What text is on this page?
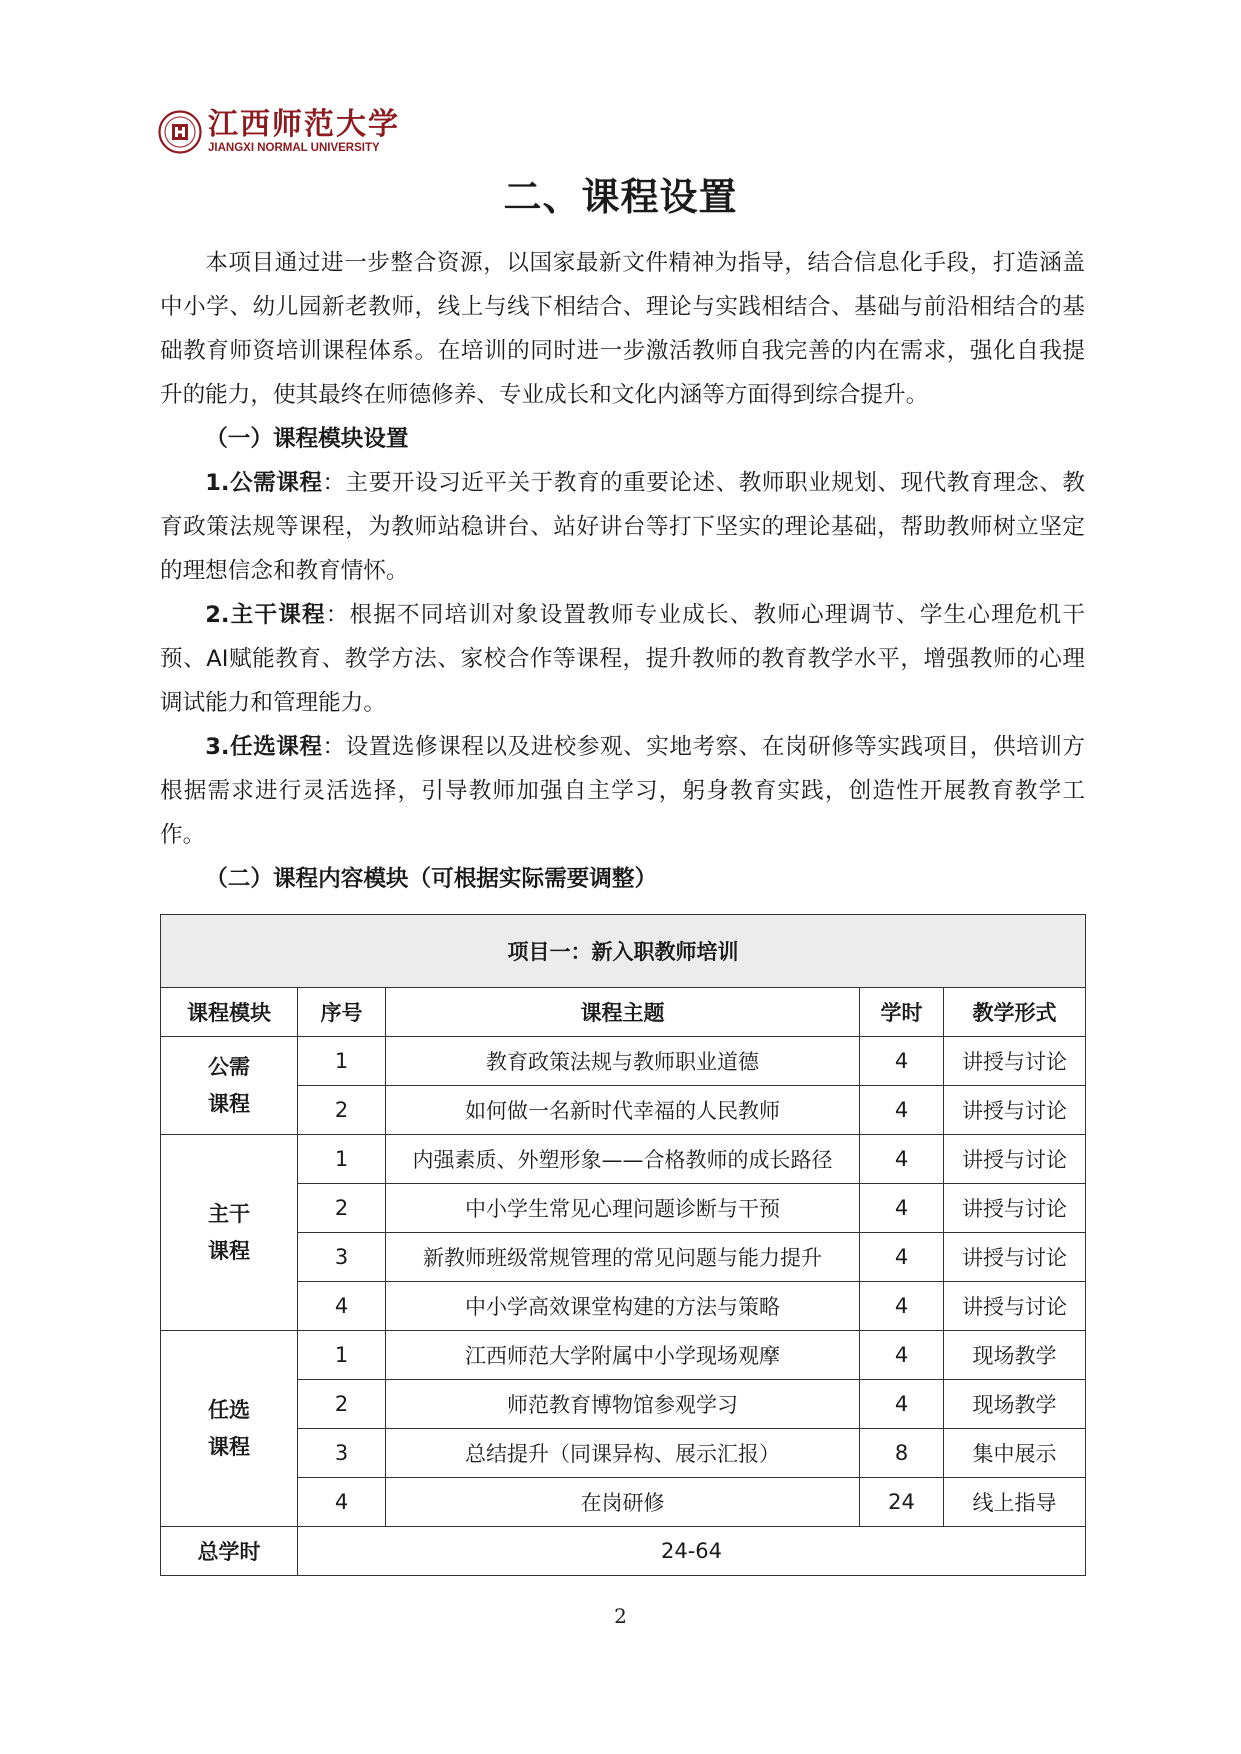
江西师范大学
JIANGXI NORMAL UNIVERSITY
二、课程设置

本项目通过进一步整合资源，以国家最新文件精神为指导，结合信息化手段，打造涵盖中小学、幼儿园新老教师，线上与线下相结合、理论与实践相结合、基础与前沿相结合的基础教育师资培训课程体系。在培训的同时进一步激活教师自我完善的内在需求，强化自我提升的能力，使其最终在师德修养、专业成长和文化内涵等方面得到综合提升。

（一）课程模块设置

1.公需课程：主要开设习近平关于教育的重要论述、教师职业规划、现代教育理念、教育政策法规等课程，为教师站稳讲台、站好讲台等打下坚实的理论基础，帮助教师树立坚定的理想信念和教育情怀。

2.主干课程：根据不同培训对象设置教师专业成长、教师心理调节、学生心理危机干预、AI赋能教育、教学方法、家校合作等课程，提升教师的教育教学水平，增强教师的心理调试能力和管理能力。

3.任选课程：设置选修课程以及进校参观、实地考察、在岗研修等实践项目，供培训方根据需求进行灵活选择，引导教师加强自主学习，躬身教育实践，创造性开展教育教学工作。

（二）课程内容模块（可根据实际需要调整）

项目一：新入职教师培训				
课程模块	序号	课程主题	学时	教学形式
公需
课程	1	教育政策法规与教师职业道德	4	讲授与讨论
	2	如何做一名新时代幸福的人民教师	4	讲授与讨论
主干
课程	1	内强素质、外塑形象——合格教师的成长路径	4	讲授与讨论
	2	中小学生常见心理问题诊断与干预	4	讲授与讨论
	3	新教师班级常规管理的常见问题与能力提升	4	讲授与讨论
	4	中小学高效课堂构建的方法与策略	4	讲授与讨论
任选
课程	1	江西师范大学附属中小学现场观摩	4	现场教学
	2	师范教育博物馆参观学习	4	现场教学
	3	总结提升（同课异构、展示汇报）	8	集中展示
	4	在岗研修	24	线上指导
总学时	24-64			
2
